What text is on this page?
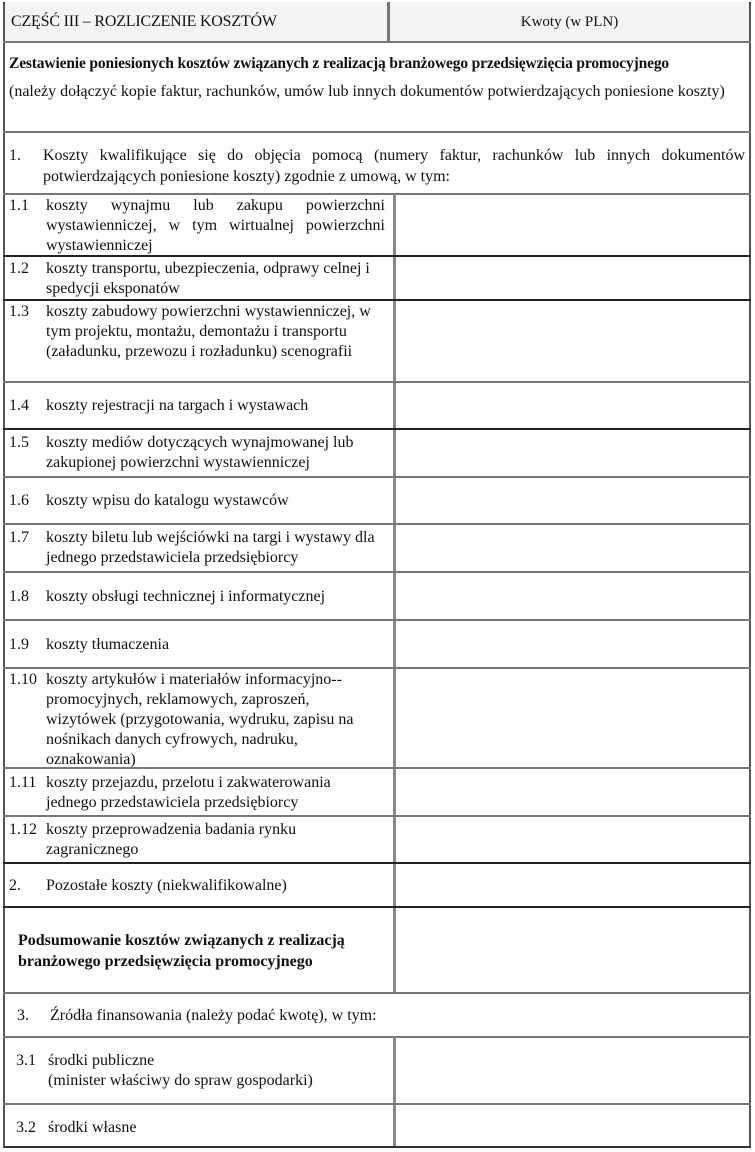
CZĘŚĆ III – ROZLICZENIE KOSZTÓW	Kwoty (w PLN)
Zestawienie poniesionych kosztów związanych z realizacją branżowego przedsięwzięcia promocyjnego
(należy dołączyć kopie faktur, rachunków, umów lub innych dokumentów potwierdzających poniesione koszty)
1.	Koszty kwalifikujące się do objęcia pomocą (numery faktur, rachunków lub innych dokumentów potwierdzających poniesione koszty) zgodnie z umową, w tym:
1.1	koszty wynajmu lub zakupu powierzchni wystawienniczej, w tym wirtualnej powierzchni wystawienniczej
1.2	koszty transportu, ubezpieczenia, odprawy celnej i spedycji eksponatów
1.3	koszty zabudowy powierzchni wystawienniczej, w tym projektu, montażu, demontażu i transportu (załadunku, przewozu i rozładunku) scenografii
1.4	koszty rejestracji na targach i wystawach
1.5	koszty mediów dotyczących wynajmowanej lub zakupionej powierzchni wystawienniczej
1.6	koszty wpisu do katalogu wystawców
1.7	koszty biletu lub wejściówki na targi i wystawy dla jednego przedstawiciela przedsiębiorcy
1.8	koszty obsługi technicznej i informatycznej
1.9	koszty tłumaczenia
1.10 koszty artykułów i materiałów informacyjno--promocyjnych, reklamowych, zaproszeń, wizytówek (przygotowania, wydruku, zapisu na nośnikach danych cyfrowych, nadruku, oznakowania)
1.11 koszty przejazdu, przelotu i zakwaterowania jednego przedstawiciela przedsiębiorcy
1.12 koszty przeprowadzenia badania rynku zagranicznego
2.	Pozostałe koszty (niekwalifikowalne)
Podsumowanie kosztów związanych z realizacją branżowego przedsięwzięcia promocyjnego
3.	Źródła finansowania (należy podać kwotę), w tym:
3.1 środki publiczne
(minister właściwy do spraw gospodarki)
3.2 środki własne
